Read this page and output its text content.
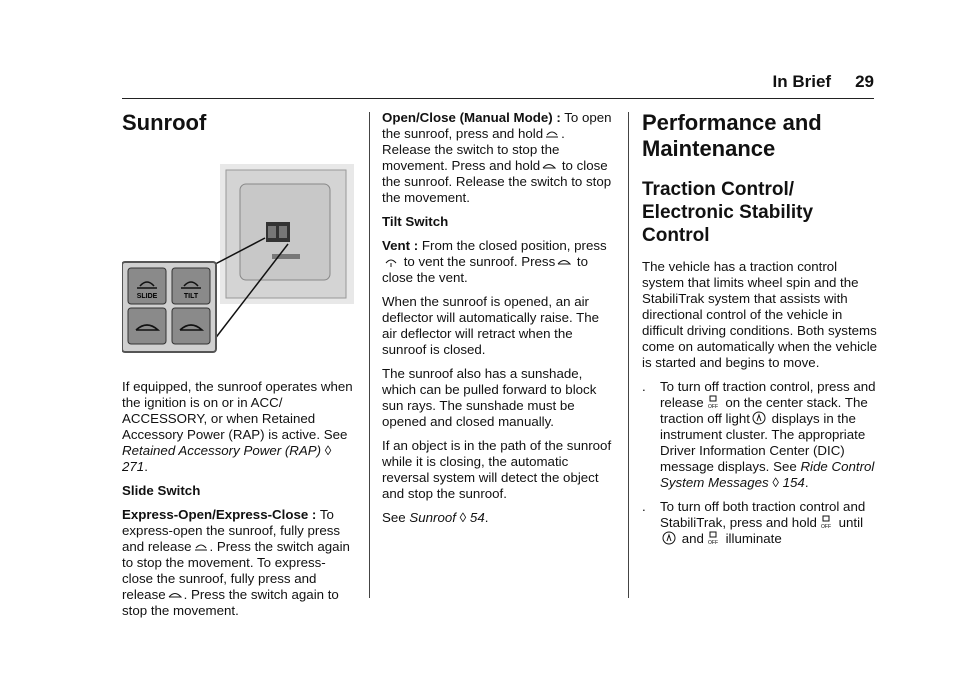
In Brief 29
Sunroof
SLIDE	TILT

If equipped, the sunroof operates when the ignition is on or in ACC/ ACCESSORY, or when Retained Accessory Power (RAP) is active. See Retained Accessory Power (RAP) ◊ 271.

Slide Switch

Express-Open/Express-Close : To express-open the sunroof, fully press and release . Press the switch again to stop the movement. To express-close the sunroof, fully press and release . Press the switch again to stop the movement.

Open/Close (Manual Mode) : To open the sunroof, press and hold . Release the switch to stop the movement. Press and hold to close the sunroof. Release the switch to stop the movement.

Tilt Switch

Vent : From the closed position, press to vent the sunroof. Press to close the vent.

When the sunroof is opened, an air deflector will automatically raise. The air deflector will retract when the sunroof is closed.

The sunroof also has a sunshade, which can be pulled forward to block sun rays. The sunshade must be opened and closed manually.

If an object is in the path of the sunroof while it is closing, the automatic reversal system will detect the object and stop the sunroof.

See Sunroof ◊ 54.

Performance and
Maintenance
Traction Control/
Electronic Stability
Control

The vehicle has a traction control system that limits wheel spin and the StabiliTrak system that assists with directional control of the vehicle in difficult driving conditions. Both systems come on automatically when the vehicle is started and begins to move.

.	To turn off traction control, press and release OFF on the center stack. The traction off light displays in the instrument cluster. The appropriate Driver Information Center (DIC) message displays. See Ride Control System Messages ◊ 154.

.	To turn off both traction control and StabiliTrak, press and hold OFF until and OFF illuminate
